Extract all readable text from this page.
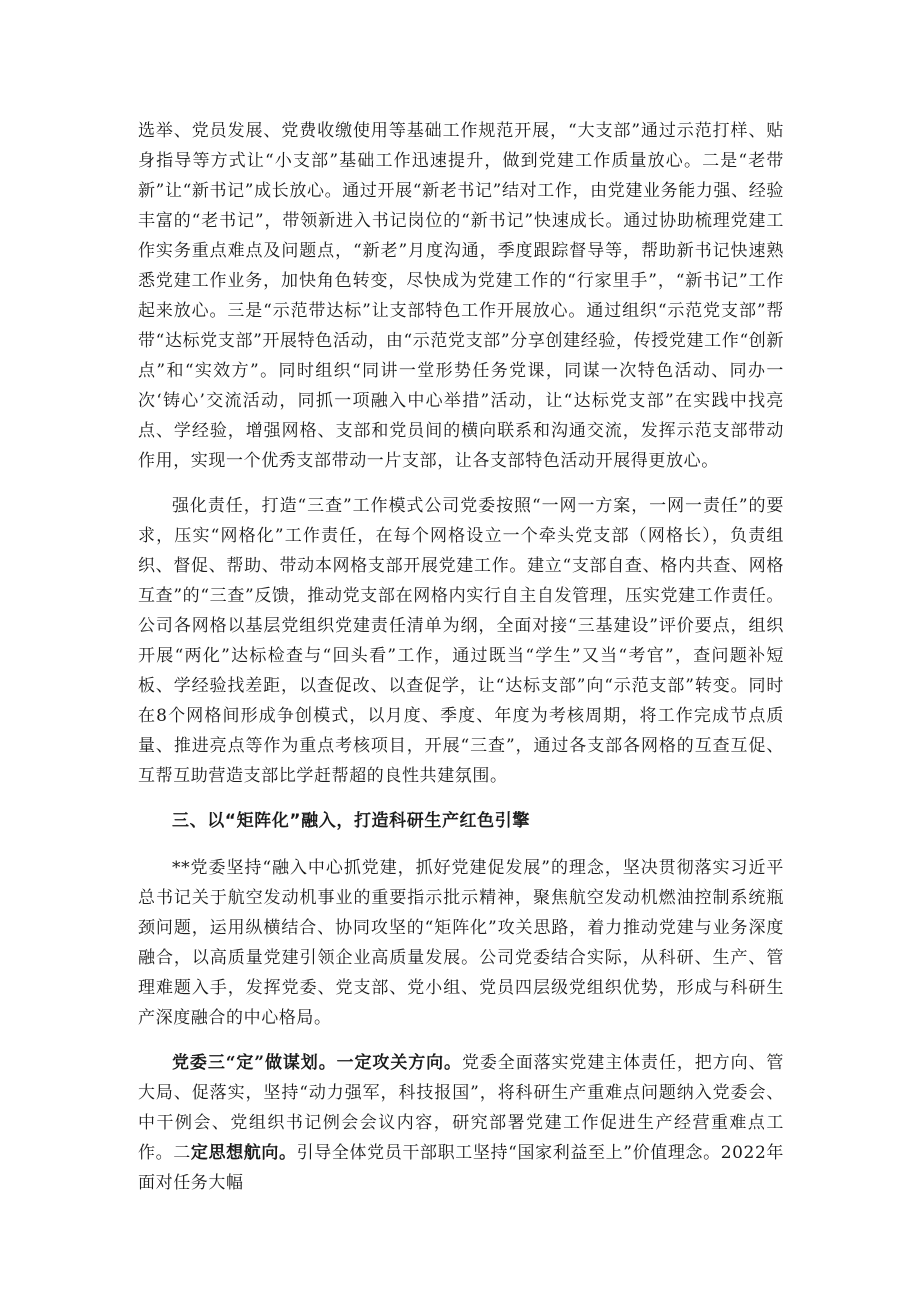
选举、党员发展、党费收缴使用等基础工作规范开展，“大支部”通过示范打样、贴身指导等方式让“小支部”基础工作迅速提升，做到党建工作质量放心。二是“老带新”让“新书记”成长放心。通过开展“新老书记”结对工作，由党建业务能力强、经验丰富的“老书记”，带领新进入书记岗位的“新书记”快速成长。通过协助梳理党建工作实务重点难点及问题点，“新老”月度沟通，季度跟踪督导等，帮助新书记快速熟悉党建工作业务，加快角色转变，尽快成为党建工作的“行家里手”，“新书记”工作起来放心。三是“示范带达标”让支部特色工作开展放心。通过组织“示范党支部”帮带“达标党支部”开展特色活动，由“示范党支部”分享创建经验，传授党建工作“创新点”和“实效方”。同时组织“同讲一堂形势任务党课，同谋一次特色活动、同办一次‘铸心’交流活动，同抓一项融入中心举措”活动，让“达标党支部”在实践中找亮点、学经验，增强网格、支部和党员间的横向联系和沟通交流，发挥示范支部带动作用，实现一个优秀支部带动一片支部，让各支部特色活动开展得更放心。

强化责任，打造“三查”工作模式公司党委按照“一网一方案，一网一责任”的要求，压实“网格化”工作责任，在每个网格设立一个牵头党支部（网格长），负责组织、督促、帮助、带动本网格支部开展党建工作。建立“支部自查、格内共查、网格互查”的“三查”反馈，推动党支部在网格内实行自主自发管理，压实党建工作责任。公司各网格以基层党组织党建责任清单为纲，全面对接“三基建设”评价要点，组织开展“两化”达标检查与“回头看”工作，通过既当“学生”又当“考官”，查问题补短板、学经验找差距，以查促改、以查促学，让“达标支部”向“示范支部”转变。同时在8个网格间形成争创模式，以月度、季度、年度为考核周期，将工作完成节点质量、推进亮点等作为重点考核项目，开展“三查”，通过各支部各网格的互查互促、互帮互助营造支部比学赶帮超的良性共建氛围。

三、以“矩阵化”融入，打造科研生产红色引擎

**党委坚持“融入中心抓党建，抓好党建促发展”的理念，坚决贯彻落实习近平总书记关于航空发动机事业的重要指示批示精神，聚焦航空发动机燃油控制系统瓶颈问题，运用纵横结合、协同攻坚的“矩阵化”攻关思路，着力推动党建与业务深度融合，以高质量党建引领企业高质量发展。公司党委结合实际，从科研、生产、管理难题入手，发挥党委、党支部、党小组、党员四层级党组织优势，形成与科研生产深度融合的中心格局。

党委三“定”做谋划。一定攻关方向。党委全面落实党建主体责任，把方向、管大局、促落实，坚持“动力强军，科技报国”，将科研生产重难点问题纳入党委会、中干例会、党组织书记例会会议内容，研究部署党建工作促进生产经营重难点工作。二定思想航向。引导全体党员干部职工坚持“国家利益至上”价值理念。2022年面对任务大幅
